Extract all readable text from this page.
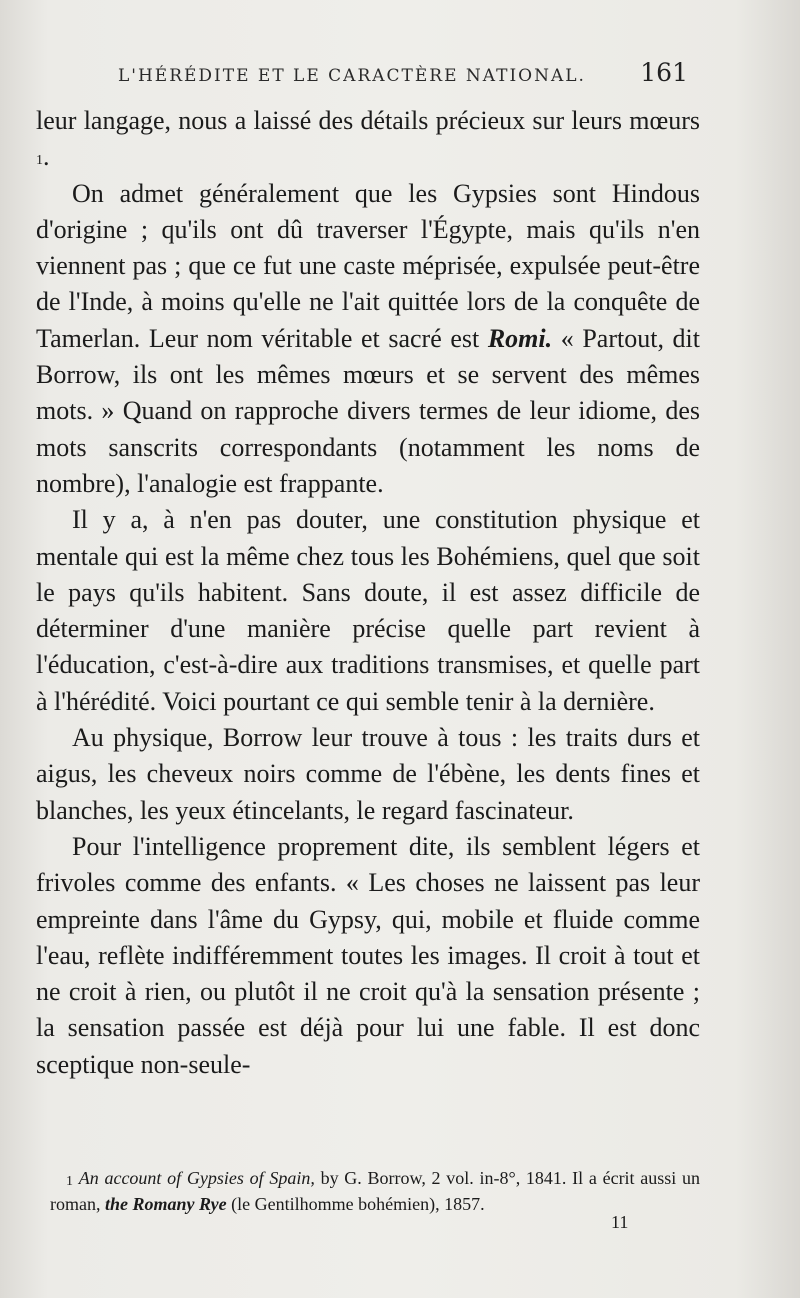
L'HÉRÉDITE ET LE CARACTÈRE NATIONAL. 161

leur langage, nous a laissé des détails précieux sur leurs mœurs $^1$.

On admet généralement que les Gypsies sont Hindous d'origine ; qu'ils ont dû traverser l'Égypte, mais qu'ils n'en viennent pas ; que ce fut une caste méprisée, expulsée peut-être de l'Inde, à moins qu'elle ne l'ait quittée lors de la conquête de Tamerlan. Leur nom véritable et sacré est Romi. « Partout, dit Borrow, ils ont les mêmes mœurs et se servent des mêmes mots. » Quand on rapproche divers termes de leur idiome, des mots sanscrits correspondants (notamment les noms de nombre), l'analogie est frappante.

Il y a, à n'en pas douter, une constitution physique et mentale qui est la même chez tous les Bohémiens, quel que soit le pays qu'ils habitent. Sans doute, il est assez difficile de déterminer d'une manière précise quelle part revient à l'éducation, c'est-à-dire aux traditions transmises, et quelle part à l'hérédité. Voici pourtant ce qui semble tenir à la dernière.

Au physique, Borrow leur trouve à tous : les traits durs et aigus, les cheveux noirs comme de l'ébène, les dents fines et blanches, les yeux étincelants, le regard fascinateur.

Pour l'intelligence proprement dite, ils semblent légers et frivoles comme des enfants. « Les choses ne laissent pas leur empreinte dans l'âme du Gypsy, qui, mobile et fluide comme l'eau, reflète indifféremment toutes les images. Il croit à tout et ne croit à rien, ou plutôt il ne croit qu'à la sensation présente ; la sensation passée est déjà pour lui une fable. Il est donc sceptique non-seule-

$^1$ An account of Gypsies of Spain, by G. Borrow, 2 vol. in-8°, 1841. Il a écrit aussi un roman, the Romany Rye (le Gentilhomme bohémien), 1857.
11
